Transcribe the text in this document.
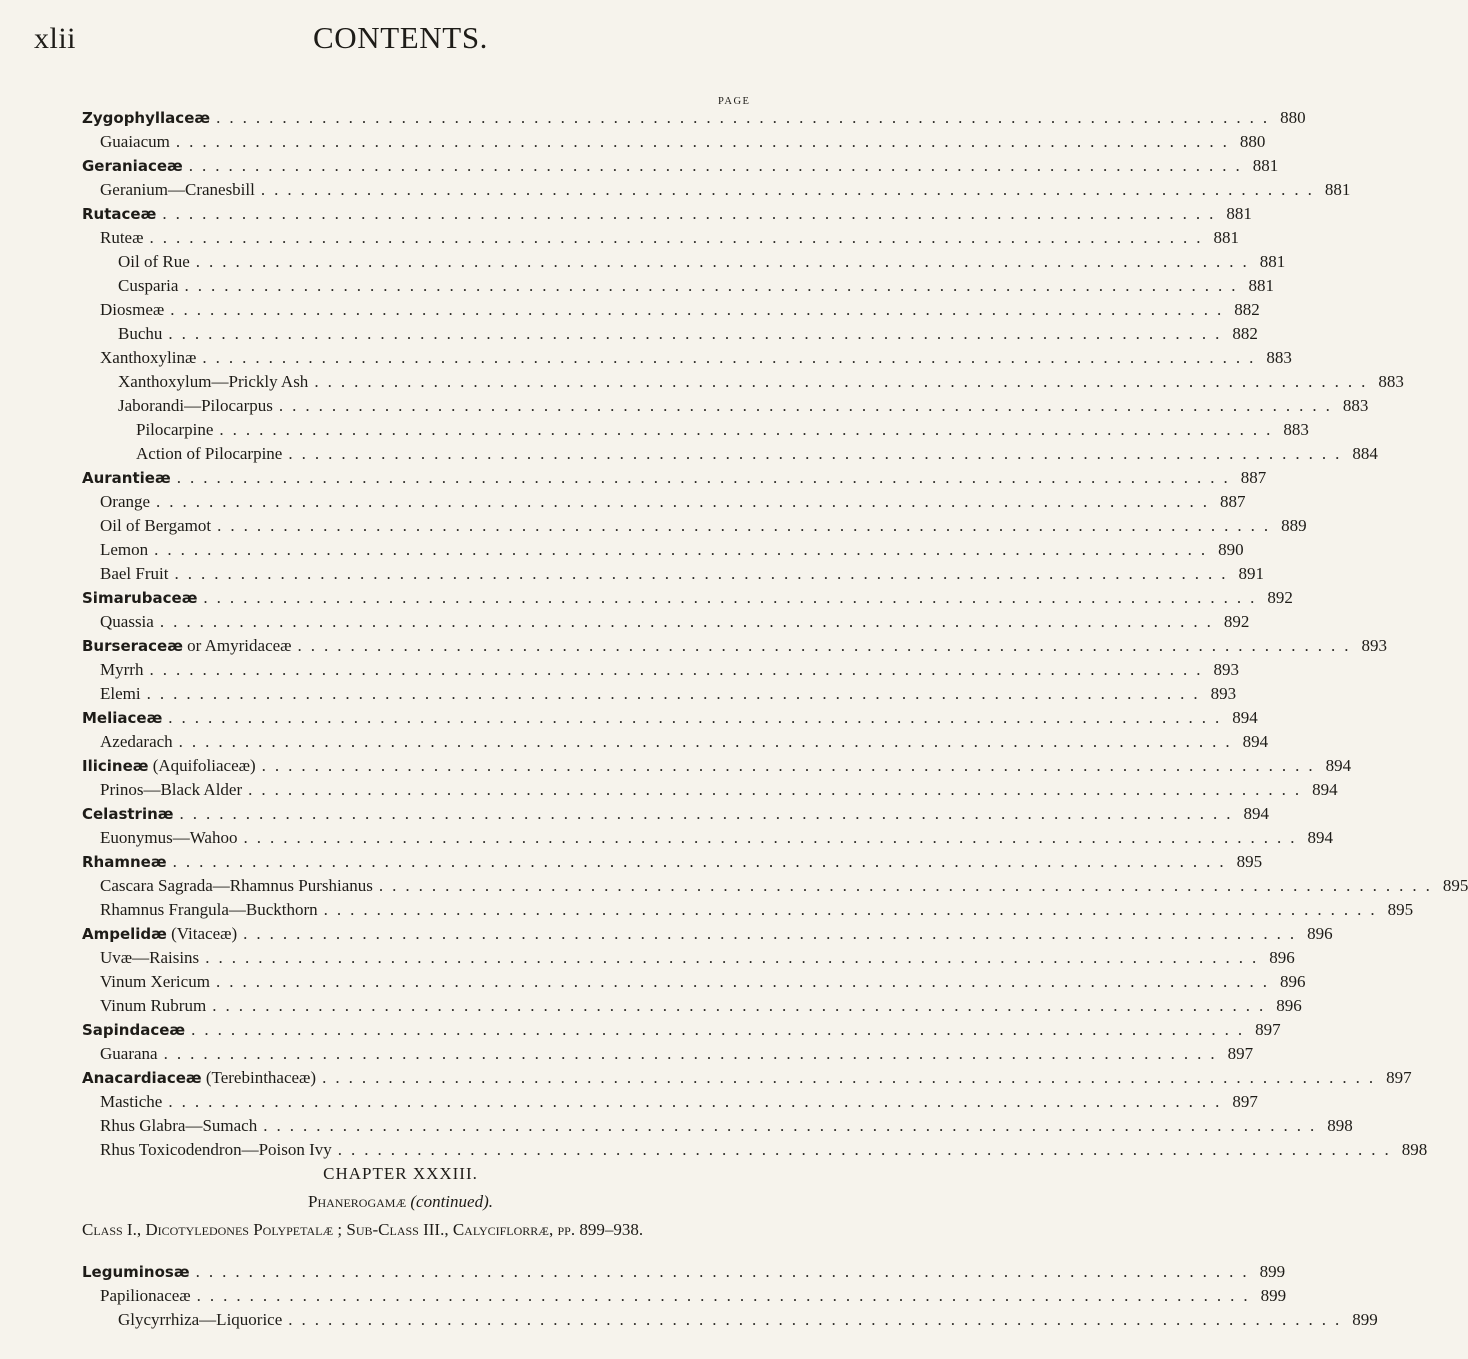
xlii	CONTENTS.
PAGE
Zygophyllaceæ ................................................................................ 880
Guaiacum ................................................................................ 880
Geraniaceæ ................................................................................ 881
Geranium—Cranesbill ................................................................................ 881
Rutaceæ ................................................................................ 881
Ruteæ ................................................................................ 881
Oil of Rue ................................................................................ 881
Cusparia ................................................................................ 881
Diosmeæ ................................................................................ 882
Buchu ................................................................................ 882
Xanthoxylinæ ................................................................................ 883
Xanthoxylum—Prickly Ash ................................................................................ 883
Jaborandi—Pilocarpus ................................................................................ 883
Pilocarpine ................................................................................ 883
Action of Pilocarpine ................................................................................ 884
Aurantieæ ................................................................................ 887
Orange ................................................................................ 887
Oil of Bergamot ................................................................................ 889
Lemon ................................................................................ 890
Bael Fruit ................................................................................ 891
Simarubaceæ ................................................................................ 892
Quassia ................................................................................ 892
Burseraceæ or Amyridaceæ ................................................................................ 893
Myrrh ................................................................................ 893
Elemi ................................................................................ 893
Meliaceæ ................................................................................ 894
Azedarach ................................................................................ 894
Ilicineæ (Aquifoliaceæ) ................................................................................ 894
Prinos—Black Alder ................................................................................ 894
Celastrinæ ................................................................................ 894
Euonymus—Wahoo ................................................................................ 894
Rhamneæ ................................................................................ 895
Cascara Sagrada—Rhamnus Purshianus ................................................................................ 895
Rhamnus Frangula—Buckthorn ................................................................................ 895
Ampelidæ (Vitaceæ) ................................................................................ 896
Uvæ—Raisins ................................................................................ 896
Vinum Xericum ................................................................................ 896
Vinum Rubrum ................................................................................ 896
Sapindaceæ ................................................................................ 897
Guarana ................................................................................ 897
Anacardiaceæ (Terebinthaceæ) ................................................................................ 897
Mastiche ................................................................................ 897
Rhus Glabra—Sumach ................................................................................ 898
Rhus Toxicodendron—Poison Ivy ................................................................................ 898
CHAPTER XXXIII.
Phanerogamæ (continued).
Class I., Dicotyledones Polypetalæ ; Sub-Class III., Calyciflorræ, pp. 899–938.
Leguminosæ ................................................................................ 899
Papilionaceæ ................................................................................ 899
Glycyrrhiza—Liquorice ................................................................................ 899
